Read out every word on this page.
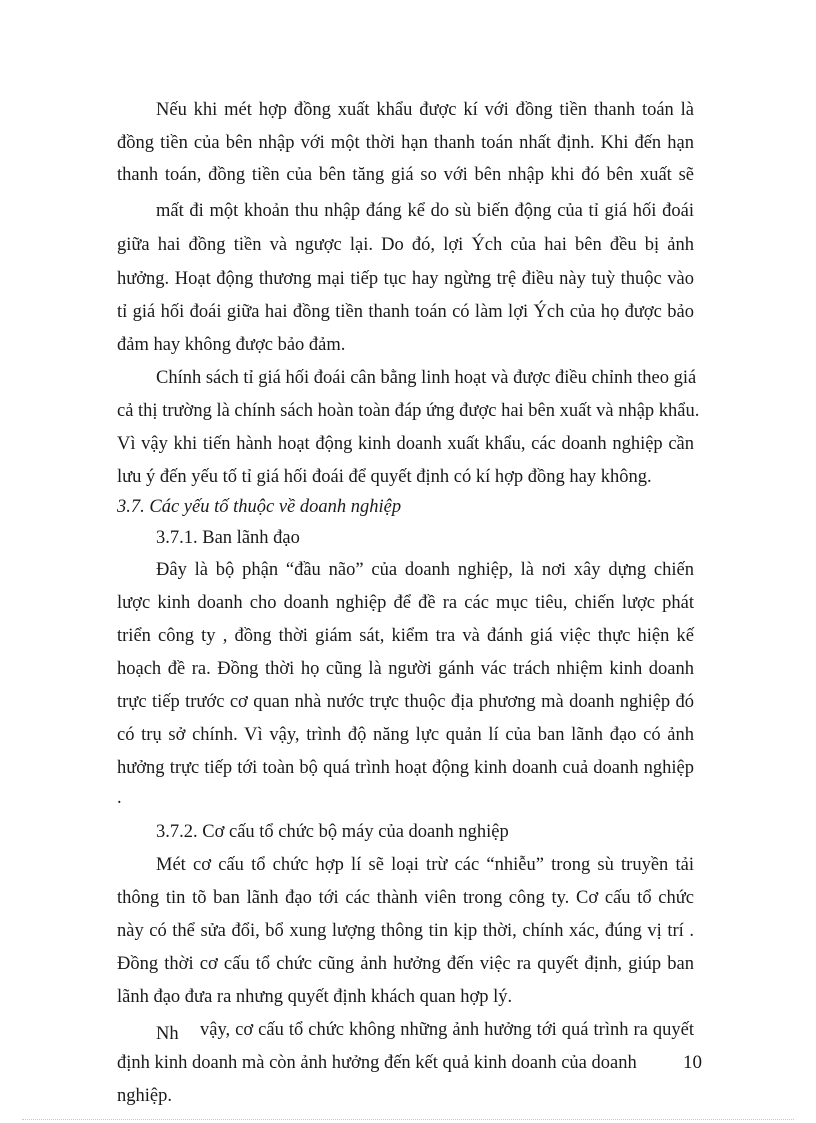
Nếu khi mét hợp đồng xuất khẩu được kí với đồng tiền thanh toán là
đồng tiền của bên nhập với một thời hạn thanh toán nhất định. Khi đến hạn
thanh toán, đồng tiền của bên tăng giá so với bên nhập khi đó bên xuất sẽ
mất đi một khoản thu nhập đáng kể do sù biến động của tỉ giá hối đoái
giữa hai đồng tiền và ngược lại. Do đó, lợi Ých của hai bên đều bị ảnh
hưởng. Hoạt động thương mại tiếp tục hay ngừng trệ điều này tuỳ thuộc vào
tỉ giá hối đoái giữa hai đồng tiền thanh toán có làm lợi Ých của họ được bảo
đảm hay không được bảo đảm.
Chính sách tỉ giá hối đoái cân bằng linh hoạt và được điều chỉnh theo giá
cả thị trường là chính sách hoàn toàn đáp ứng được hai bên xuất và nhập khẩu.
Vì vậy khi tiến hành hoạt động kinh doanh xuất khẩu, các doanh nghiệp cần
lưu ý đến yếu tố tỉ giá hối đoái để quyết định có kí hợp đồng hay không.
3.7. Các yếu tố thuộc về doanh nghiệp
3.7.1. Ban lãnh đạo
Đây là bộ phận “đầu não” của doanh nghiệp, là nơi xây dựng chiến
lược kinh doanh cho doanh nghiệp để đề ra các mục tiêu, chiến lược phát
triển công ty , đồng thời giám sát, kiểm tra và đánh giá việc thực hiện kế
hoạch đề ra. Đồng thời họ cũng là người gánh vác trách nhiệm kinh doanh
trực tiếp trước cơ quan nhà nước trực thuộc địa phương mà doanh nghiệp đó
có trụ sở chính. Vì vậy, trình độ năng lực quản lí của ban lãnh đạo có ảnh
hưởng trực tiếp tới toàn bộ quá trình hoạt động kinh doanh cuả doanh nghiệp
.
3.7.2. Cơ cấu tổ chức bộ máy của doanh nghiệp
Mét cơ cấu tổ chức hợp lí sẽ loại trừ các “nhiễu” trong sù truyền tải
thông tin tõ ban lãnh đạo tới các thành viên trong công ty. Cơ cấu tổ chức
này có thể sửa đổi, bổ xung lượng thông tin kịp thời, chính xác, đúng vị trí .
Đồng thời cơ cấu tổ chức cũng ảnh hưởng đến việc ra quyết định, giúp ban
lãnh đạo đưa ra nhưng quyết định khách quan hợp lý.
Nh vậy, cơ cấu tổ chức không những ảnh hưởng tới quá trình ra quyết
định kinh doanh mà còn ảnh hưởng đến kết quả kinh doanh của doanh
nghiệp.
10
